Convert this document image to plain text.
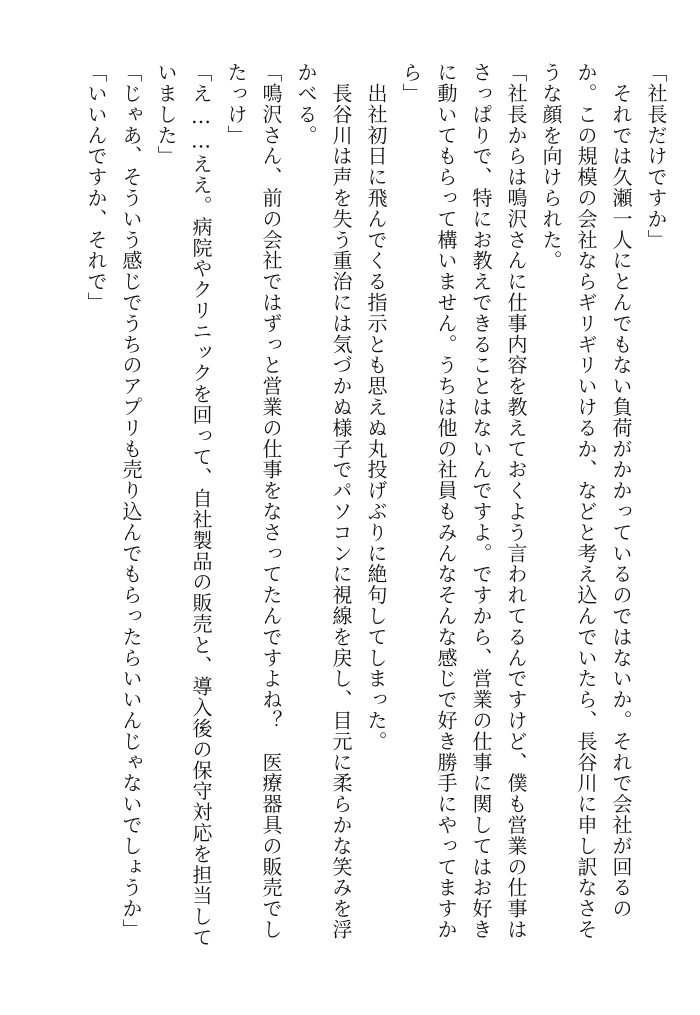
「社長だけですか」
　それでは久瀬一人にとんでもない負荷がかかっているのではないか。それで会社が回るの
か。この規模の会社ならギリギリいけるか、などと考え込んでいたら、長谷川に申し訳なさそ
うな顔を向けられた。
「社長からは鳴沢さんに仕事内容を教えておくよう言われてるんですけど、僕も営業の仕事は
さっぱりで、特にお教えできることはないんですよ。ですから、営業の仕事に関してはお好き
に動いてもらって構いません。うちは他の社員もみんなそんな感じで好き勝手にやってますか
ら」
　出社初日に飛んでくる指示とも思えぬ丸投げぶりに絶句してしまった。
　長谷川は声を失う重治には気づかぬ様子でパソコンに視線を戻し、目元に柔らかな笑みを浮
かべる。
「鳴沢さん、前の会社ではずっと営業の仕事をなさってたんですよね？　医療器具の販売でし
たっけ」
「え……ええ。病院やクリニックを回って、自社製品の販売と、導入後の保守対応を担当して
いました」
「じゃあ、そういう感じでうちのアプリも売り込んでもらったらいいんじゃないでしょうか」
「いいんですか、それで」
